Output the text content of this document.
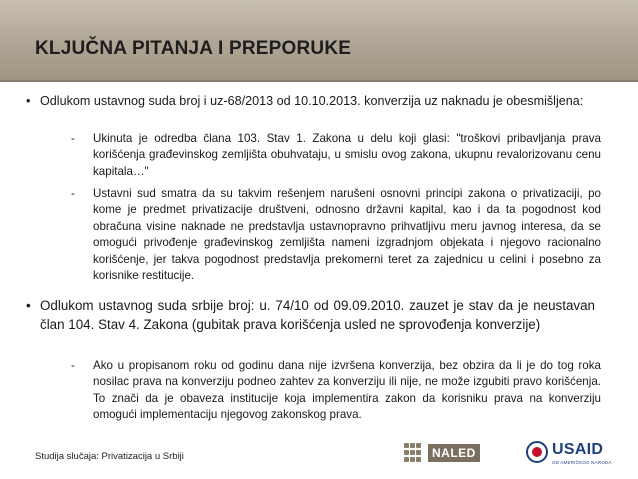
KLJUČNA PITANJA I PREPORUKE
• Odlukom ustavnog suda broj i uz-68/2013 od 10.10.2013. konverzija uz naknadu je obesmišljena:
- Ukinuta je odredba člana 103. Stav 1. Zakona u delu koji glasi: "troškovi pribavljanja prava korišćenja građevinskog zemljišta obuhvataju, u smislu ovog zakona, ukupnu revalorizovanu cenu kapitala…"
- Ustavni sud smatra da su takvim rešenjem narušeni osnovni principi zakona o privatizaciji, po kome je predmet privatizacije društveni, odnosno državni kapital, kao i da ta pogodnost kod obračuna visine naknade ne predstavlja ustavnopravno prihvatljivu meru javnog interesa, da se omogući privođenje građevinskog zemljišta nameni izgradnjom objekata i njegovo racionalno korišćenje, jer takva pogodnost predstavlja prekomerni teret za zajednicu u celini i posebno za korisnike restitucije.
• Odlukom ustavnog suda srbije broj: u. 74/10 od 09.09.2010. zauzet je stav da je neustavan član 104. Stav 4. Zakona (gubitak prava korišćenja usled ne sprovođenja konverzije)
- Ako u propisanom roku od godinu dana nije izvršena konverzija, bez obzira da li je do tog roka nosilac prava na konverziju podneo zahtev za konverziju ili nije, ne može izgubiti pravo korišćenja. To znači da je obaveza institucije koja implementira zakon da korisniku prava na konverziju omogući implementaciju njegovog zakonskog prava.
Studija slučaja: Privatizacija u Srbiji	NALED	USAID
OD AMERIČKOG NARODA
